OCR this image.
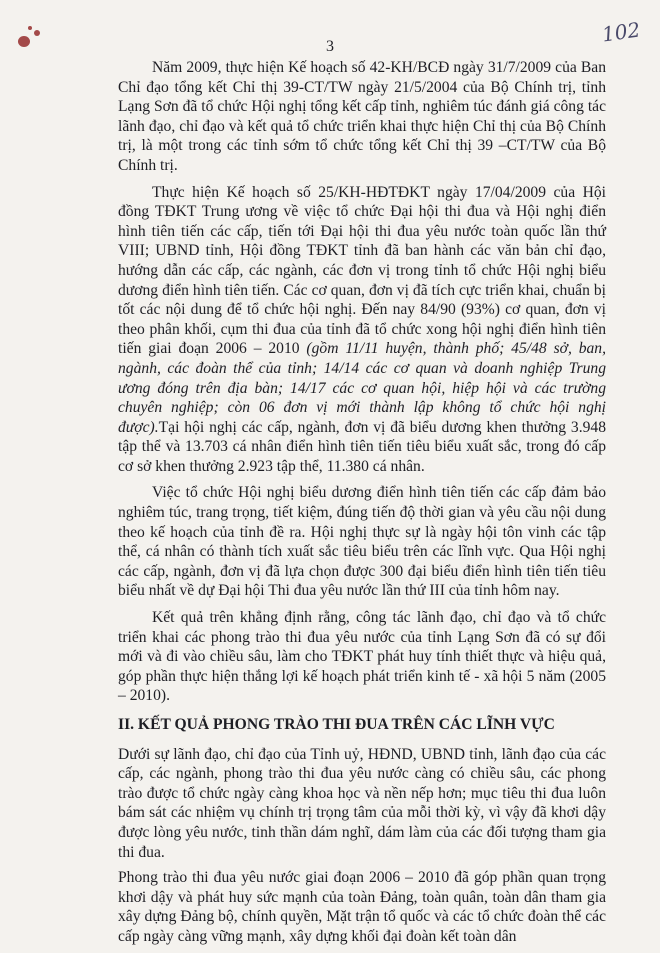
3	102

Năm 2009, thực hiện Kế hoạch số 42-KH/BCĐ ngày 31/7/2009 của Ban Chỉ đạo tổng kết Chỉ thị 39-CT/TW ngày 21/5/2004 của Bộ Chính trị, tỉnh Lạng Sơn đã tổ chức Hội nghị tổng kết cấp tỉnh, nghiêm túc đánh giá công tác lãnh đạo, chỉ đạo và kết quả tổ chức triển khai thực hiện Chỉ thị của Bộ Chính trị, là một trong các tỉnh sớm tổ chức tổng kết Chỉ thị 39 –CT/TW của Bộ Chính trị.

Thực hiện Kế hoạch số 25/KH-HĐTĐKT ngày 17/04/2009 của Hội đồng TĐKT Trung ương về việc tổ chức Đại hội thi đua và Hội nghị điển hình tiên tiến các cấp, tiến tới Đại hội thi đua yêu nước toàn quốc lần thứ VIII; UBND tỉnh, Hội đồng TĐKT tỉnh đã ban hành các văn bản chỉ đạo, hướng dẫn các cấp, các ngành, các đơn vị trong tỉnh tổ chức Hội nghị biểu dương điển hình tiên tiến. Các cơ quan, đơn vị đã tích cực triển khai, chuẩn bị tốt các nội dung để tổ chức hội nghị. Đến nay 84/90 (93%) cơ quan, đơn vị theo phân khối, cụm thi đua của tỉnh đã tổ chức xong hội nghị điển hình tiên tiến giai đoạn 2006 – 2010 (gồm 11/11 huyện, thành phố; 45/48 sở, ban, ngành, các đoàn thể của tỉnh; 14/14 các cơ quan và doanh nghiệp Trung ương đóng trên địa bàn; 14/17 các cơ quan hội, hiệp hội và các trường chuyên nghiệp; còn 06 đơn vị mới thành lập không tổ chức hội nghị được).Tại hội nghị các cấp, ngành, đơn vị đã biểu dương khen thưởng 3.948 tập thể và 13.703 cá nhân điển hình tiên tiến tiêu biểu xuất sắc, trong đó cấp cơ sở khen thưởng 2.923 tập thể, 11.380 cá nhân.

Việc tổ chức Hội nghị biểu dương điển hình tiên tiến các cấp đảm bảo nghiêm túc, trang trọng, tiết kiệm, đúng tiến độ thời gian và yêu cầu nội dung theo kế hoạch của tỉnh đề ra. Hội nghị thực sự là ngày hội tôn vinh các tập thể, cá nhân có thành tích xuất sắc tiêu biểu trên các lĩnh vực. Qua Hội nghị các cấp, ngành, đơn vị đã lựa chọn được 300 đại biểu điển hình tiên tiến tiêu biểu nhất về dự Đại hội Thi đua yêu nước lần thứ III của tỉnh hôm nay.

Kết quả trên khẳng định rằng, công tác lãnh đạo, chỉ đạo và tổ chức triển khai các phong trào thi đua yêu nước của tỉnh Lạng Sơn đã có sự đổi mới và đi vào chiều sâu, làm cho TĐKT phát huy tính thiết thực và hiệu quả, góp phần thực hiện thắng lợi kế hoạch phát triển kinh tế - xã hội 5 năm (2005 – 2010).

II. KẾT QUẢ PHONG TRÀO THI ĐUA TRÊN CÁC LĨNH VỰC

Dưới sự lãnh đạo, chỉ đạo của Tỉnh uỷ, HĐND, UBND tỉnh, lãnh đạo của các cấp, các ngành, phong trào thi đua yêu nước càng có chiều sâu, các phong trào được tổ chức ngày càng khoa học và nền nếp hơn; mục tiêu thi đua luôn bám sát các nhiệm vụ chính trị trọng tâm của mỗi thời kỳ, vì vậy đã khơi dậy được lòng yêu nước, tinh thần dám nghĩ, dám làm của các đối tượng tham gia thi đua.

Phong trào thi đua yêu nước giai đoạn 2006 – 2010 đã góp phần quan trọng khơi dậy và phát huy sức mạnh của toàn Đảng, toàn quân, toàn dân tham gia xây dựng Đảng bộ, chính quyền, Mặt trận tổ quốc và các tổ chức đoàn thể các cấp ngày càng vững mạnh, xây dựng khối đại đoàn kết toàn dân
